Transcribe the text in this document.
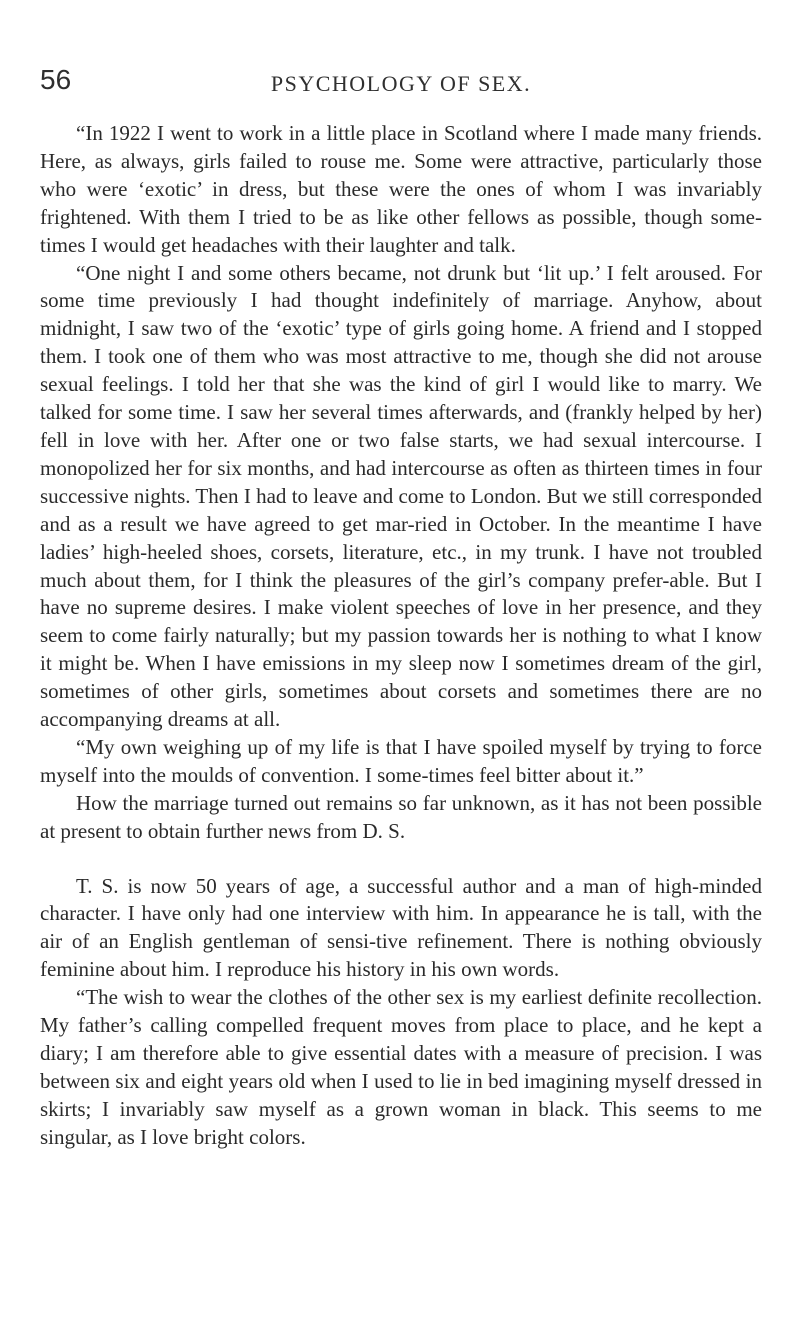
56	PSYCHOLOGY OF SEX.

“In 1922 I went to work in a little place in Scotland where I made many friends. Here, as always, girls failed to rouse me. Some were attractive, particularly those who were ‘exotic’ in dress, but these were the ones of whom I was invariably frightened. With them I tried to be as like other fellows as possible, though some-times I would get headaches with their laughter and talk.

“One night I and some others became, not drunk but ‘lit up.’ I felt aroused. For some time previously I had thought indefinitely of marriage. Anyhow, about midnight, I saw two of the ‘exotic’ type of girls going home. A friend and I stopped them. I took one of them who was most attractive to me, though she did not arouse sexual feelings. I told her that she was the kind of girl I would like to marry. We talked for some time. I saw her several times afterwards, and (frankly helped by her) fell in love with her. After one or two false starts, we had sexual intercourse. I monopolized her for six months, and had intercourse as often as thirteen times in four successive nights. Then I had to leave and come to London. But we still corresponded and as a result we have agreed to get mar-ried in October. In the meantime I have ladies’ high-heeled shoes, corsets, literature, etc., in my trunk. I have not troubled much about them, for I think the pleasures of the girl’s company prefer-able. But I have no supreme desires. I make violent speeches of love in her presence, and they seem to come fairly naturally; but my passion towards her is nothing to what I know it might be. When I have emissions in my sleep now I sometimes dream of the girl, sometimes of other girls, sometimes about corsets and sometimes there are no accompanying dreams at all.

“My own weighing up of my life is that I have spoiled myself by trying to force myself into the moulds of convention. I some-times feel bitter about it.”

How the marriage turned out remains so far unknown, as it has not been possible at present to obtain further news from D. S.

T. S. is now 50 years of age, a successful author and a man of high-minded character. I have only had one interview with him. In appearance he is tall, with the air of an English gentleman of sensi-tive refinement. There is nothing obviously feminine about him. I reproduce his history in his own words.

“The wish to wear the clothes of the other sex is my earliest definite recollection. My father’s calling compelled frequent moves from place to place, and he kept a diary; I am therefore able to give essential dates with a measure of precision. I was between six and eight years old when I used to lie in bed imagining myself dressed in skirts; I invariably saw myself as a grown woman in black. This seems to me singular, as I love bright colors.
